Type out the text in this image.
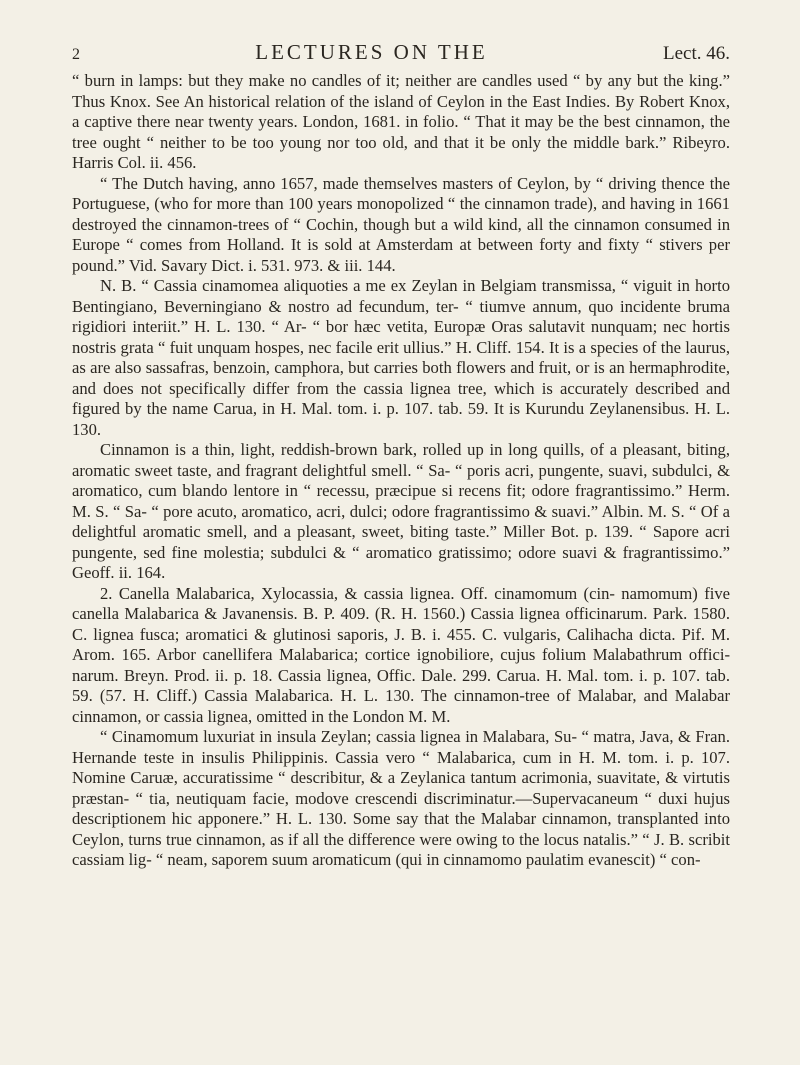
2	LECTURES ON THE	Lect. 46.

“ burn in lamps: but they make no candles of it; neither are candles used “ by any but the king.” Thus Knox. See An historical relation of the island of Ceylon in the East Indies. By Robert Knox, a captive there near twenty years. London, 1681. in folio. “ That it may be the best cinnamon, the tree ought “ neither to be too young nor too old, and that it be only the middle bark.” Ribeyro. Harris Col. ii. 456.

“ The Dutch having, anno 1657, made themselves masters of Ceylon, by “ driving thence the Portuguese, (who for more than 100 years monopolized “ the cinnamon trade), and having in 1661 destroyed the cinnamon-trees of “ Cochin, though but a wild kind, all the cinnamon consumed in Europe “ comes from Holland. It is sold at Amsterdam at between forty and fixty “ stivers per pound.” Vid. Savary Dict. i. 531. 973. & iii. 144.

N. B. “ Cassia cinamomea aliquoties a me ex Zeylan in Belgiam transmissa, “ viguit in horto Bentingiano, Beverningiano & nostro ad fecundum, ter- “ tiumve annum, quo incidente bruma rigidiori interiit.” H. L. 130. “ Ar- “ bor hæc vetita, Europæ Oras salutavit nunquam; nec hortis nostris grata “ fuit unquam hospes, nec facile erit ullius.” H. Cliff. 154. It is a species of the laurus, as are also sassafras, benzoin, camphora, but carries both flowers and fruit, or is an hermaphrodite, and does not specifically differ from the cassia lignea tree, which is accurately described and figured by the name Carua, in H. Mal. tom. i. p. 107. tab. 59. It is Kurundu Zeylanensibus. H. L. 130.

Cinnamon is a thin, light, reddish-brown bark, rolled up in long quills, of a pleasant, biting, aromatic sweet taste, and fragrant delightful smell. “ Sa- “ poris acri, pungente, suavi, subdulci, & aromatico, cum blando lentore in “ recessu, præcipue si recens fit; odore fragrantissimo.” Herm. M. S. “ Sa- “ pore acuto, aromatico, acri, dulci; odore fragrantissimo & suavi.” Albin. M. S. “ Of a delightful aromatic smell, and a pleasant, sweet, biting taste.” Miller Bot. p. 139. “ Sapore acri pungente, sed fine molestia; subdulci & “ aromatico gratissimo; odore suavi & fragrantissimo.” Geoff. ii. 164.

2. Canella Malabarica, Xylocassia, & cassia lignea. Off. cinamomum (cin- namomum) five canella Malabarica & Javanensis. B. P. 409. (R. H. 1560.) Cassia lignea officinarum. Park. 1580. C. lignea fusca; aromatici & glutinosi saporis, J. B. i. 455. C. vulgaris, Calihacha dicta. Pif. M. Arom. 165. Arbor canellifera Malabarica; cortice ignobiliore, cujus folium Malabathrum offici- narum. Breyn. Prod. ii. p. 18. Cassia lignea, Offic. Dale. 299. Carua. H. Mal. tom. i. p. 107. tab. 59. (57. H. Cliff.) Cassia Malabarica. H. L. 130. The cinnamon-tree of Malabar, and Malabar cinnamon, or cassia lignea, omitted in the London M. M.

“ Cinamomum luxuriat in insula Zeylan; cassia lignea in Malabara, Su- “ matra, Java, & Fran. Hernande teste in insulis Philippinis. Cassia vero “ Malabarica, cum in H. M. tom. i. p. 107. Nomine Caruæ, accuratissime “ describitur, & a Zeylanica tantum acrimonia, suavitate, & virtutis præstan- “ tia, neutiquam facie, modove crescendi discriminatur.—Supervacaneum “ duxi hujus descriptionem hic apponere.” H. L. 130. Some say that the Malabar cinnamon, transplanted into Ceylon, turns true cinnamon, as if all the difference were owing to the locus natalis.” “ J. B. scribit cassiam lig- “ neam, saporem suum aromaticum (qui in cinnamomo paulatim evanescit) “ con-
